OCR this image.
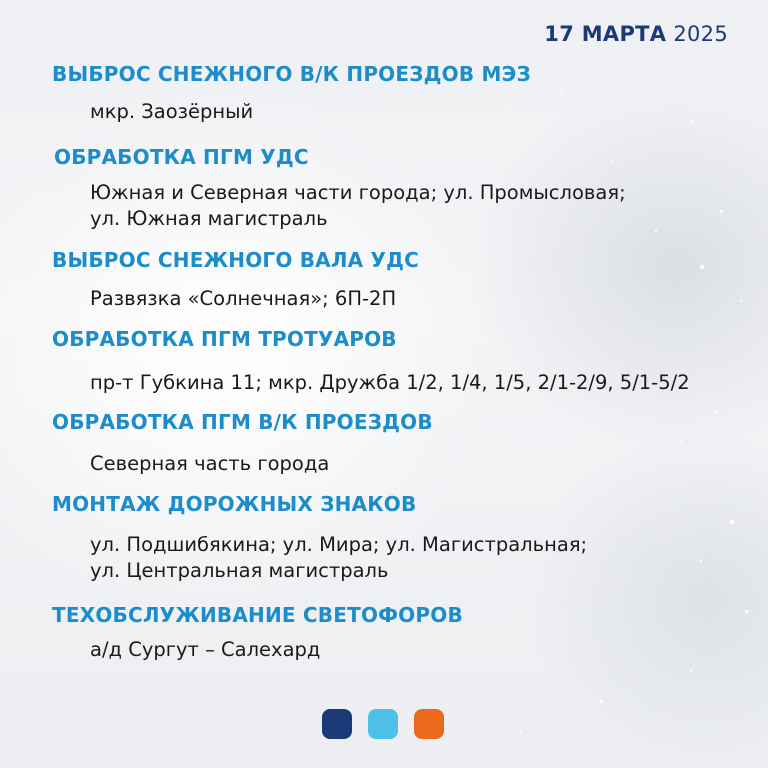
17 МАРТА 2025
ВЫБРОС СНЕЖНОГО В/К ПРОЕЗДОВ МЭЗ
мкр. Заозёрный
ОБРАБОТКА ПГМ УДС
Южная и Северная части города; ул. Промысловая;
ул. Южная магистраль
ВЫБРОС СНЕЖНОГО ВАЛА УДС
Развязка «Солнечная»; 6П-2П
ОБРАБОТКА ПГМ ТРОТУАРОВ
пр-т Губкина 11; мкр. Дружба 1/2, 1/4, 1/5, 2/1-2/9, 5/1-5/2
ОБРАБОТКА ПГМ В/К ПРОЕЗДОВ
Северная часть города
МОНТАЖ ДОРОЖНЫХ ЗНАКОВ
ул. Подшибякина; ул. Мира; ул. Магистральная;
ул. Центральная магистраль
ТЕХОБСЛУЖИВАНИЕ СВЕТОФОРОВ
а/д Сургут – Салехард
